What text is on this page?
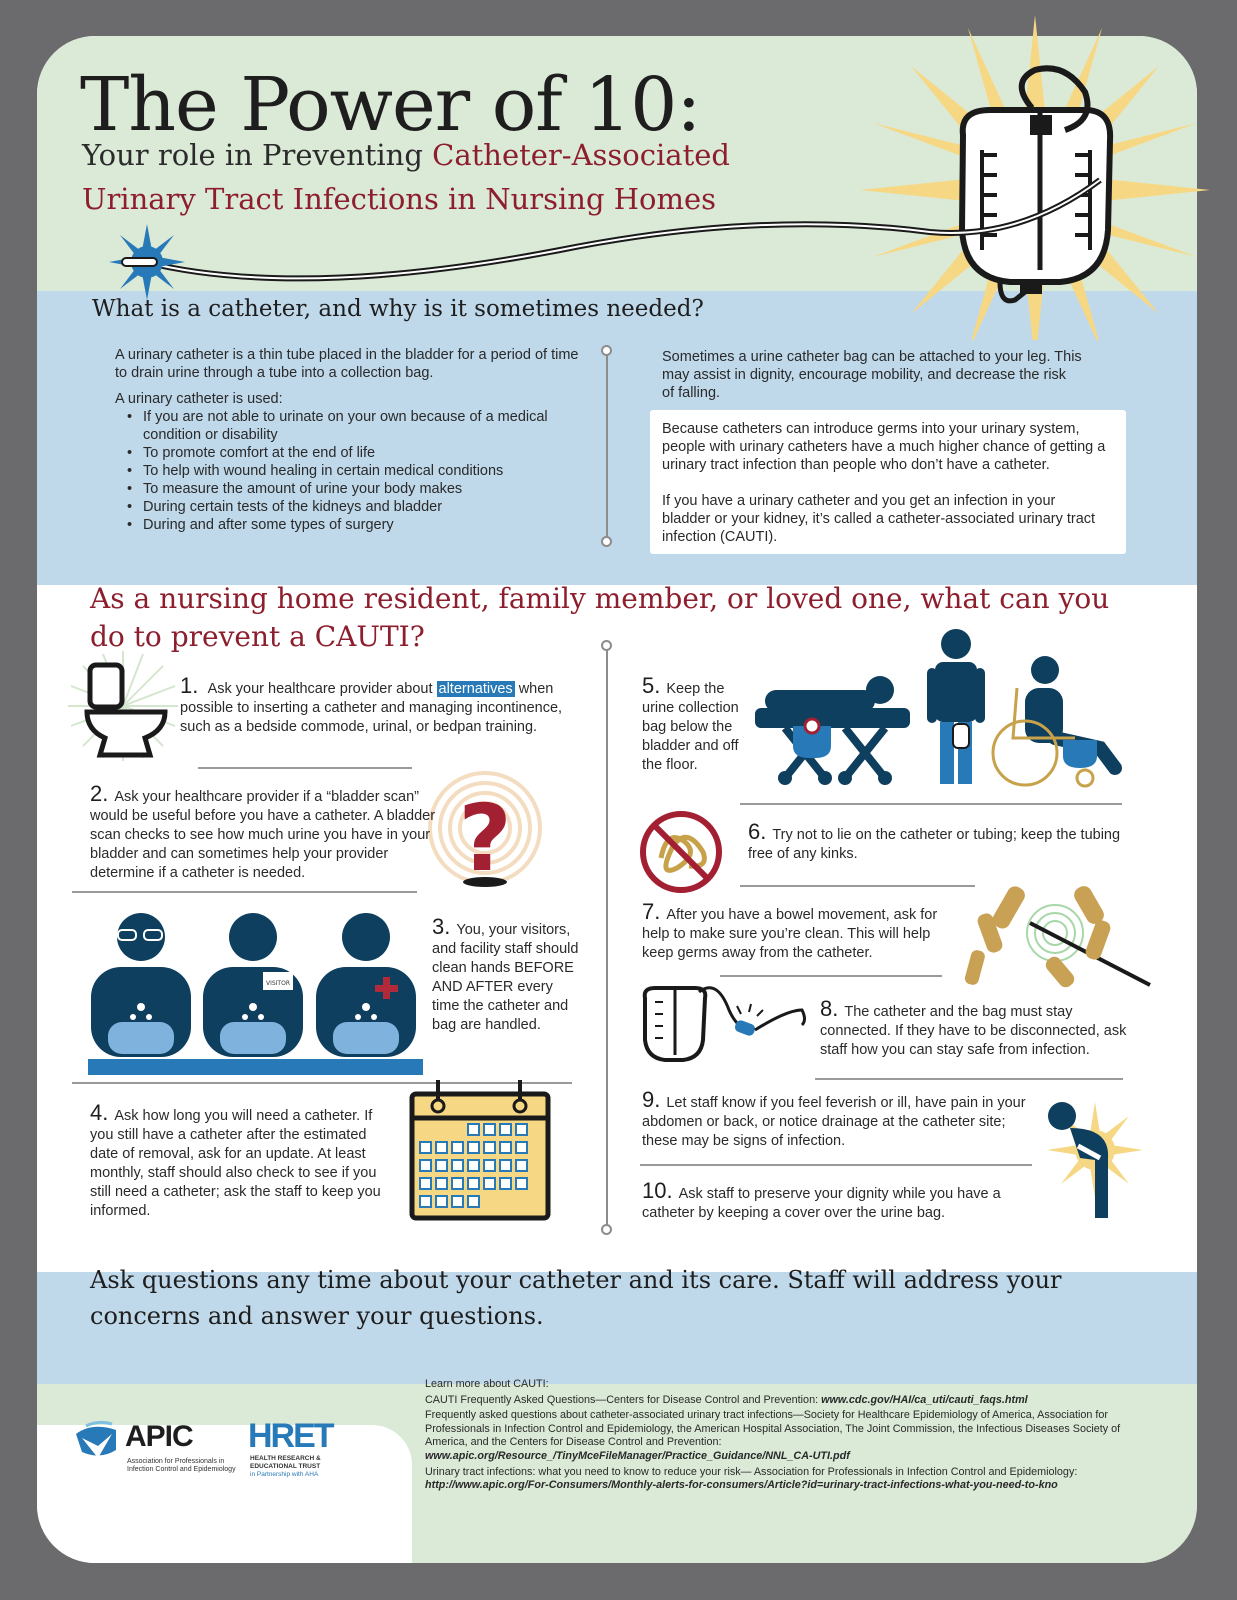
The Power of 10:
Your role in Preventing Catheter-Associated
Urinary Tract Infections in Nursing Homes
What is a catheter, and why is it sometimes needed?
A urinary catheter is a thin tube placed in the bladder for a period of time to drain urine through a tube into a collection bag.
A urinary catheter is used:
• If you are not able to urinate on your own because of a medical condition or disability
• To promote comfort at the end of life
• To help with wound healing in certain medical conditions
• To measure the amount of urine your body makes
• During certain tests of the kidneys and bladder
• During and after some types of surgery
Sometimes a urine catheter bag can be attached to your leg. This may assist in dignity, encourage mobility, and decrease the risk of falling.
Because catheters can introduce germs into your urinary system, people with urinary catheters have a much higher chance of getting a urinary tract infection than people who don’t have a catheter.
If you have a urinary catheter and you get an infection in your bladder or your kidney, it’s called a catheter-associated urinary tract infection (CAUTI).
As a nursing home resident, family member, or loved one, what can you do to prevent a CAUTI?
1. Ask your healthcare provider about alternatives when possible to inserting a catheter and managing incontinence, such as a bedside commode, urinal, or bedpan training.
?
2. Ask your healthcare provider if a “bladder scan” would be useful before you have a catheter. A bladder scan checks to see how much urine you have in your bladder and can sometimes help your provider determine if a catheter is needed.
VISITOR
3. You, your visitors, and facility staff should clean hands BEFORE AND AFTER every time the catheter and bag are handled.
4. Ask how long you will need a catheter. If you still have a catheter after the estimated date of removal, ask for an update. At least monthly, staff should also check to see if you still need a catheter; ask the staff to keep you informed.
5. Keep the urine collection bag below the bladder and off the floor.
6. Try not to lie on the catheter or tubing; keep the tubing free of any kinks.
7. After you have a bowel movement, ask for help to make sure you’re clean. This will help keep germs away from the catheter.
8. The catheter and the bag must stay connected. If they have to be disconnected, ask staff how you can stay safe from infection.
9. Let staff know if you feel feverish or ill, have pain in your abdomen or back, or notice drainage at the catheter site; these may be signs of infection.
10. Ask staff to preserve your dignity while you have a catheter by keeping a cover over the urine bag.
Ask questions any time about your catheter and its care. Staff will address your concerns and answer your questions.
APIC
Association for Professionals in Infection Control and Epidemiology
HRET
HEALTH RESEARCH & EDUCATIONAL TRUST
in Partnership with AHA
Learn more about CAUTI:
CAUTI Frequently Asked Questions—Centers for Disease Control and Prevention: www.cdc.gov/HAI/ca_uti/cauti_faqs.html
Frequently asked questions about catheter-associated urinary tract infections—Society for Healthcare Epidemiology of America, Association for Professionals in Infection Control and Epidemiology, the American Hospital Association, The Joint Commission, the Infectious Diseases Society of America, and the Centers for Disease Control and Prevention:
www.apic.org/Resource_/TinyMceFileManager/Practice_Guidance/NNL_CA-UTI.pdf
Urinary tract infections: what you need to know to reduce your risk— Association for Professionals in Infection Control and Epidemiology:
http://www.apic.org/For-Consumers/Monthly-alerts-for-consumers/Article?id=urinary-tract-infections-what-you-need-to-kno
